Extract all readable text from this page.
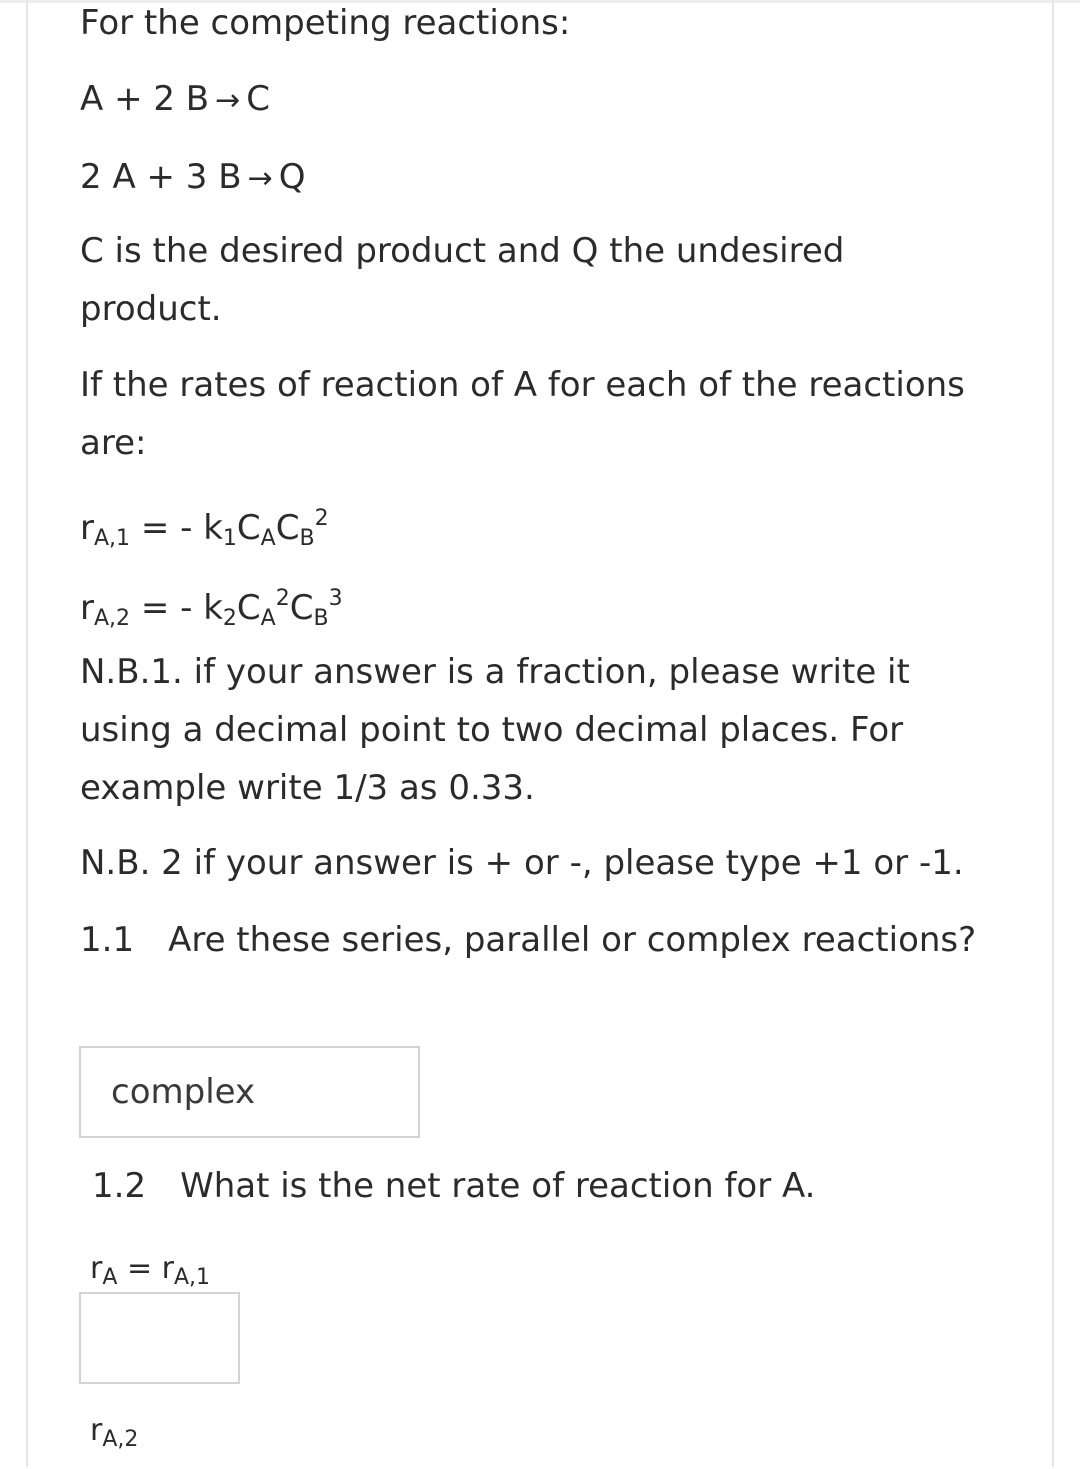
For the competing reactions:
A + 2 B → C
2 A + 3 B → Q
C is the desired product and Q the undesired
product.
If the rates of reaction of A for each of the reactions
are:
$r_{A,1}$ = - $k_1C_AC_B^2$
$r_{A,2}$ = - $k_2C_A^2C_B^3$
N.B.1. if your answer is a fraction, please write it
using a decimal point to two decimal places. For
example write 1/3 as 0.33.
N.B. 2 if your answer is + or -, please type +1 or -1.
1.1 Are these series, parallel or complex reactions?
1.2 What is the net rate of reaction for A.
$r_A = r_{A,1}$
$r_{A,2}$
complex
